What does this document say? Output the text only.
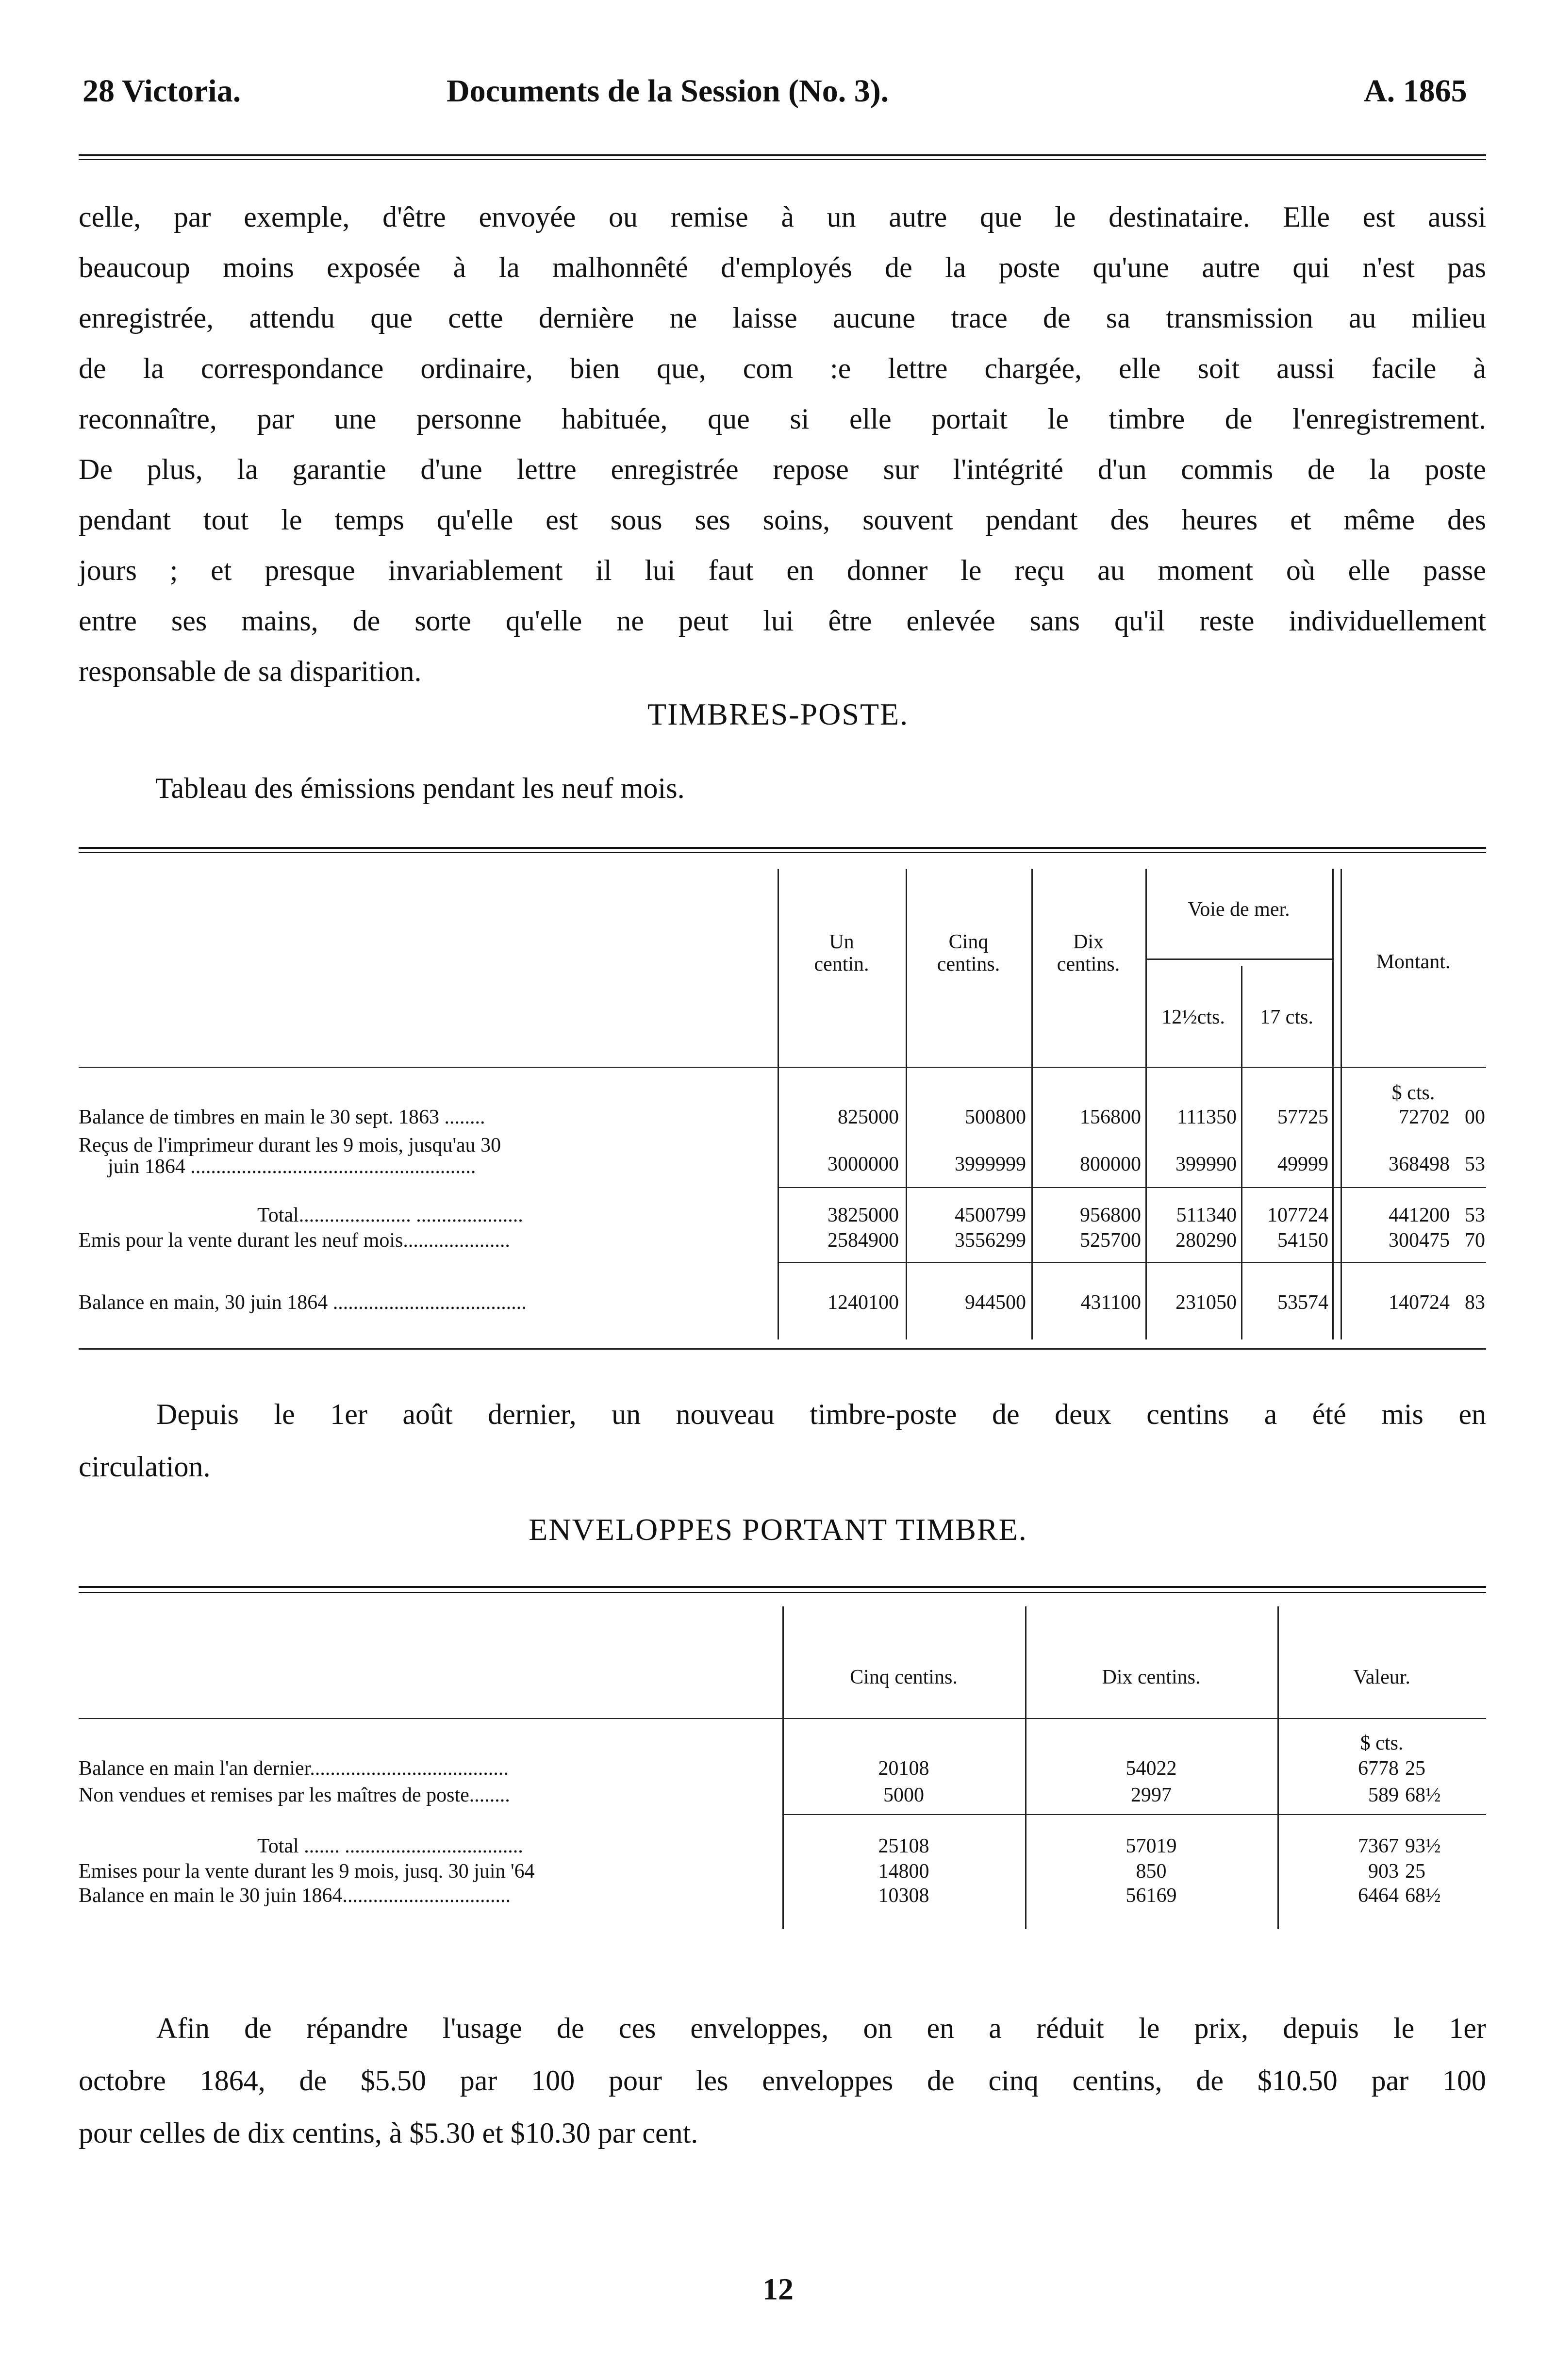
28 Victoria.	Documents de la Session (No. 3).	A. 1865
celle, par exemple, d'être envoyée ou remise à un autre que le destinataire. Elle est aussi
beaucoup moins exposée à la malhonnêté d'employés de la poste qu'une autre qui n'est pas
enregistrée, attendu que cette dernière ne laisse aucune trace de sa transmission au milieu
de la correspondance ordinaire, bien que, com :e lettre chargée, elle soit aussi facile à
reconnaître, par une personne habituée, que si elle portait le timbre de l'enregistrement.
De plus, la garantie d'une lettre enregistrée repose sur l'intégrité d'un commis de la poste
pendant tout le temps qu'elle est sous ses soins, souvent pendant des heures et même des
jours ; et presque invariablement il lui faut en donner le reçu au moment où elle passe
entre ses mains, de sorte qu'elle ne peut lui être enlevée sans qu'il reste individuellement
responsable de sa disparition.
TIMBRES-POSTE.
Tableau des émissions pendant les neuf mois.
Un
centin.
Cinq
centins.
Dix
centins.
Voie de mer.
12½cts.	17 cts.
Montant.
$ cts.
Balance de timbres en main le 30 sept. 1863 ........	825000	500800	156800	111350	57725	72702 00
Reçus de l'imprimeur durant les 9 mois, jusqu'au 30
juin 1864 ........................................................	3000000	3999999	800000	399990	49999	368498 53
Total...................... .....................	3825000	4500799	956800	511340	107724	441200 53
Emis pour la vente durant les neuf mois.....................	2584900	3556299	525700	280290	54150	300475 70
Balance en main, 30 juin 1864 ......................................	1240100	944500	431100	231050	53574	140724 83
Depuis le 1er août dernier, un nouveau timbre-poste de deux centins a été mis en
circulation.
ENVELOPPES PORTANT TIMBRE.
Cinq centins.	Dix centins.	Valeur.
$ cts.
Balance en main l'an dernier.......................................	20108	54022	6778 25
Non vendues et remises par les maîtres de poste........	5000	2997	589 68½
Total ....... ...................................	25108	57019	7367 93½
Emises pour la vente durant les 9 mois, jusq. 30 juin '64	14800	850	903 25
Balance en main le 30 juin 1864.................................	10308	56169	6464 68½
Afin de répandre l'usage de ces enveloppes, on en a réduit le prix, depuis le 1er
octobre 1864, de $5.50 par 100 pour les enveloppes de cinq centins, de $10.50 par 100
pour celles de dix centins, à $5.30 et $10.30 par cent.
12
